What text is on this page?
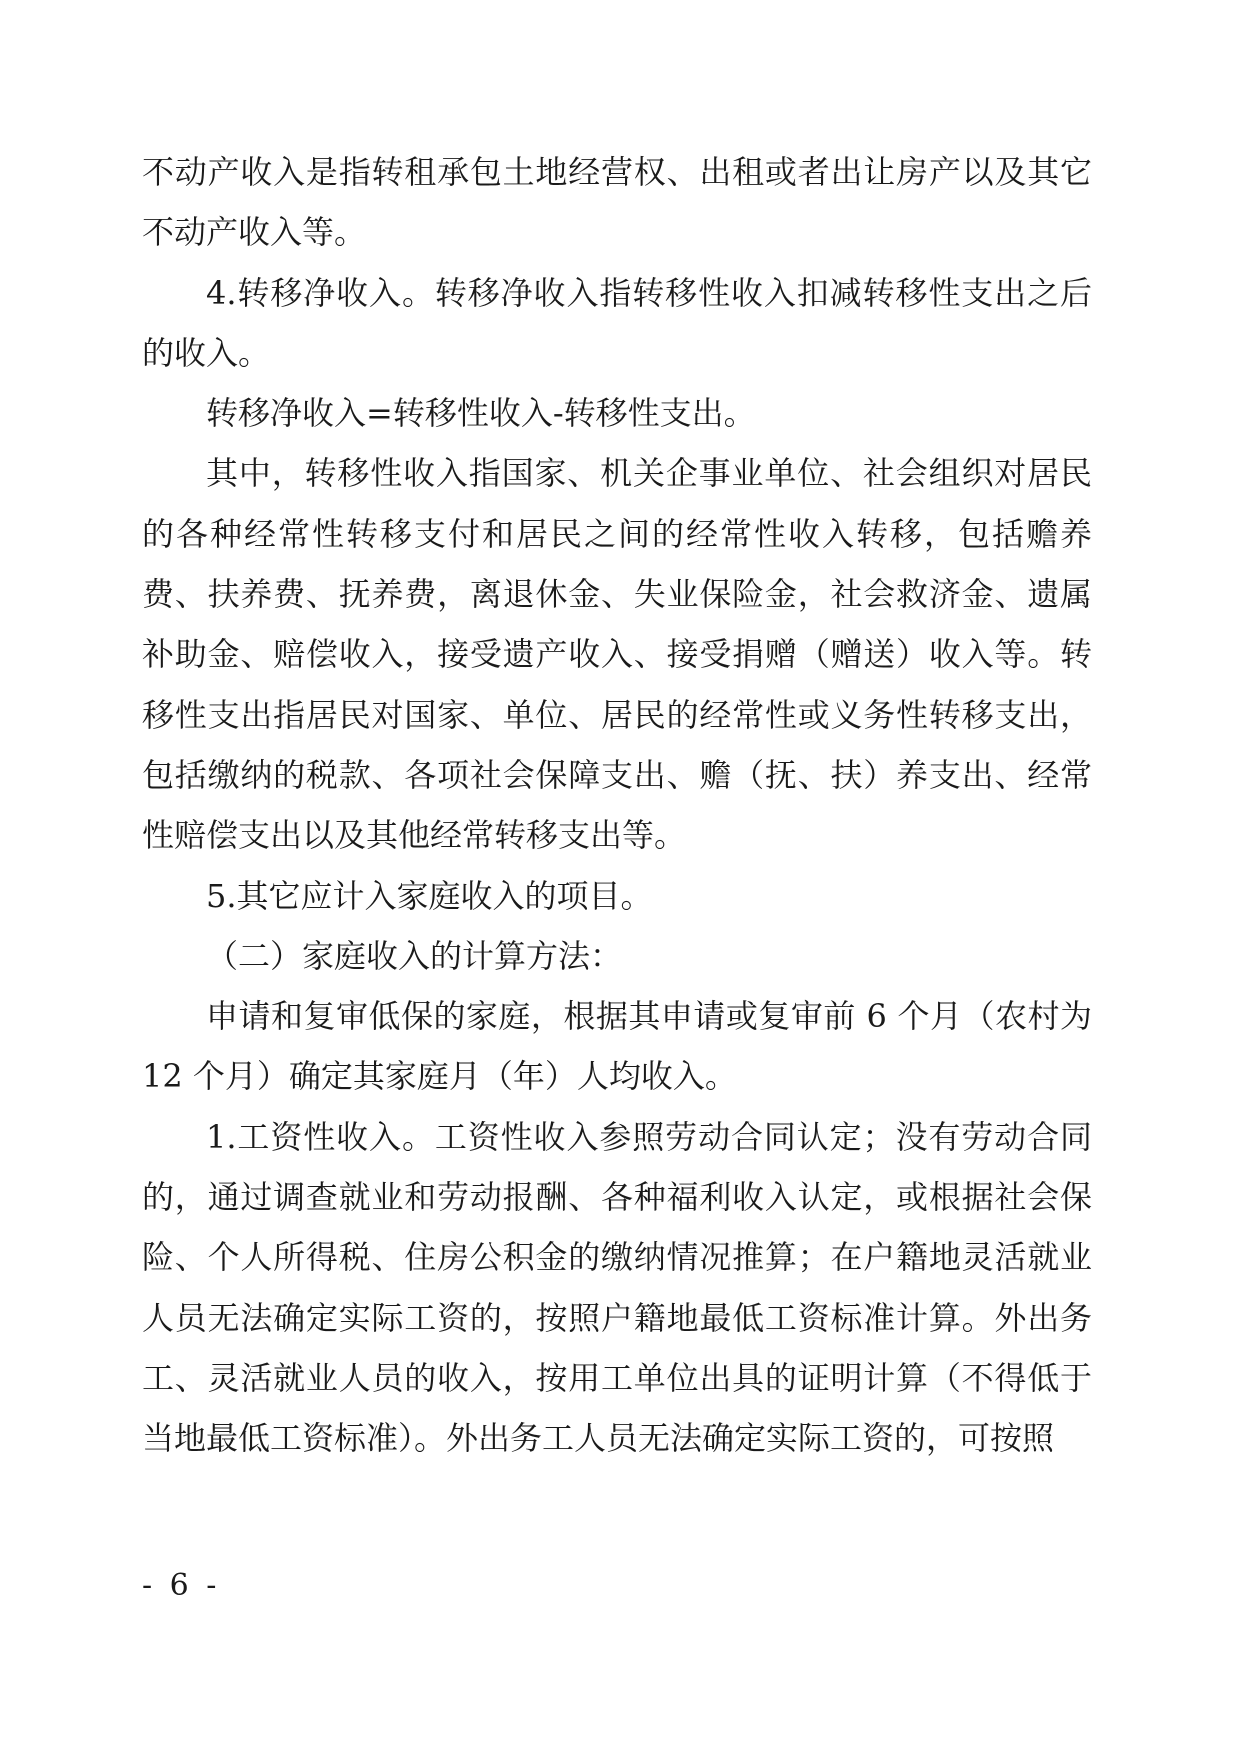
不动产收入是指转租承包土地经营权、出租或者出让房产以及其它不动产收入等。

4.转移净收入。转移净收入指转移性收入扣减转移性支出之后的收入。

转移净收入=转移性收入-转移性支出。

其中，转移性收入指国家、机关企事业单位、社会组织对居民的各种经常性转移支付和居民之间的经常性收入转移，包括赡养费、扶养费、抚养费，离退休金、失业保险金，社会救济金、遗属补助金、赔偿收入，接受遗产收入、接受捐赠（赠送）收入等。转移性支出指居民对国家、单位、居民的经常性或义务性转移支出，包括缴纳的税款、各项社会保障支出、赡（抚、扶）养支出、经常性赔偿支出以及其他经常转移支出等。

5.其它应计入家庭收入的项目。

（二）家庭收入的计算方法：

申请和复审低保的家庭，根据其申请或复审前 6 个月（农村为 12 个月）确定其家庭月（年）人均收入。

1.工资性收入。工资性收入参照劳动合同认定；没有劳动合同的，通过调查就业和劳动报酬、各种福利收入认定，或根据社会保险、个人所得税、住房公积金的缴纳情况推算；在户籍地灵活就业人员无法确定实际工资的，按照户籍地最低工资标准计算。外出务工、灵活就业人员的收入，按用工单位出具的证明计算（不得低于当地最低工资标准）。外出务工人员无法确定实际工资的，可按照

- 6 -
